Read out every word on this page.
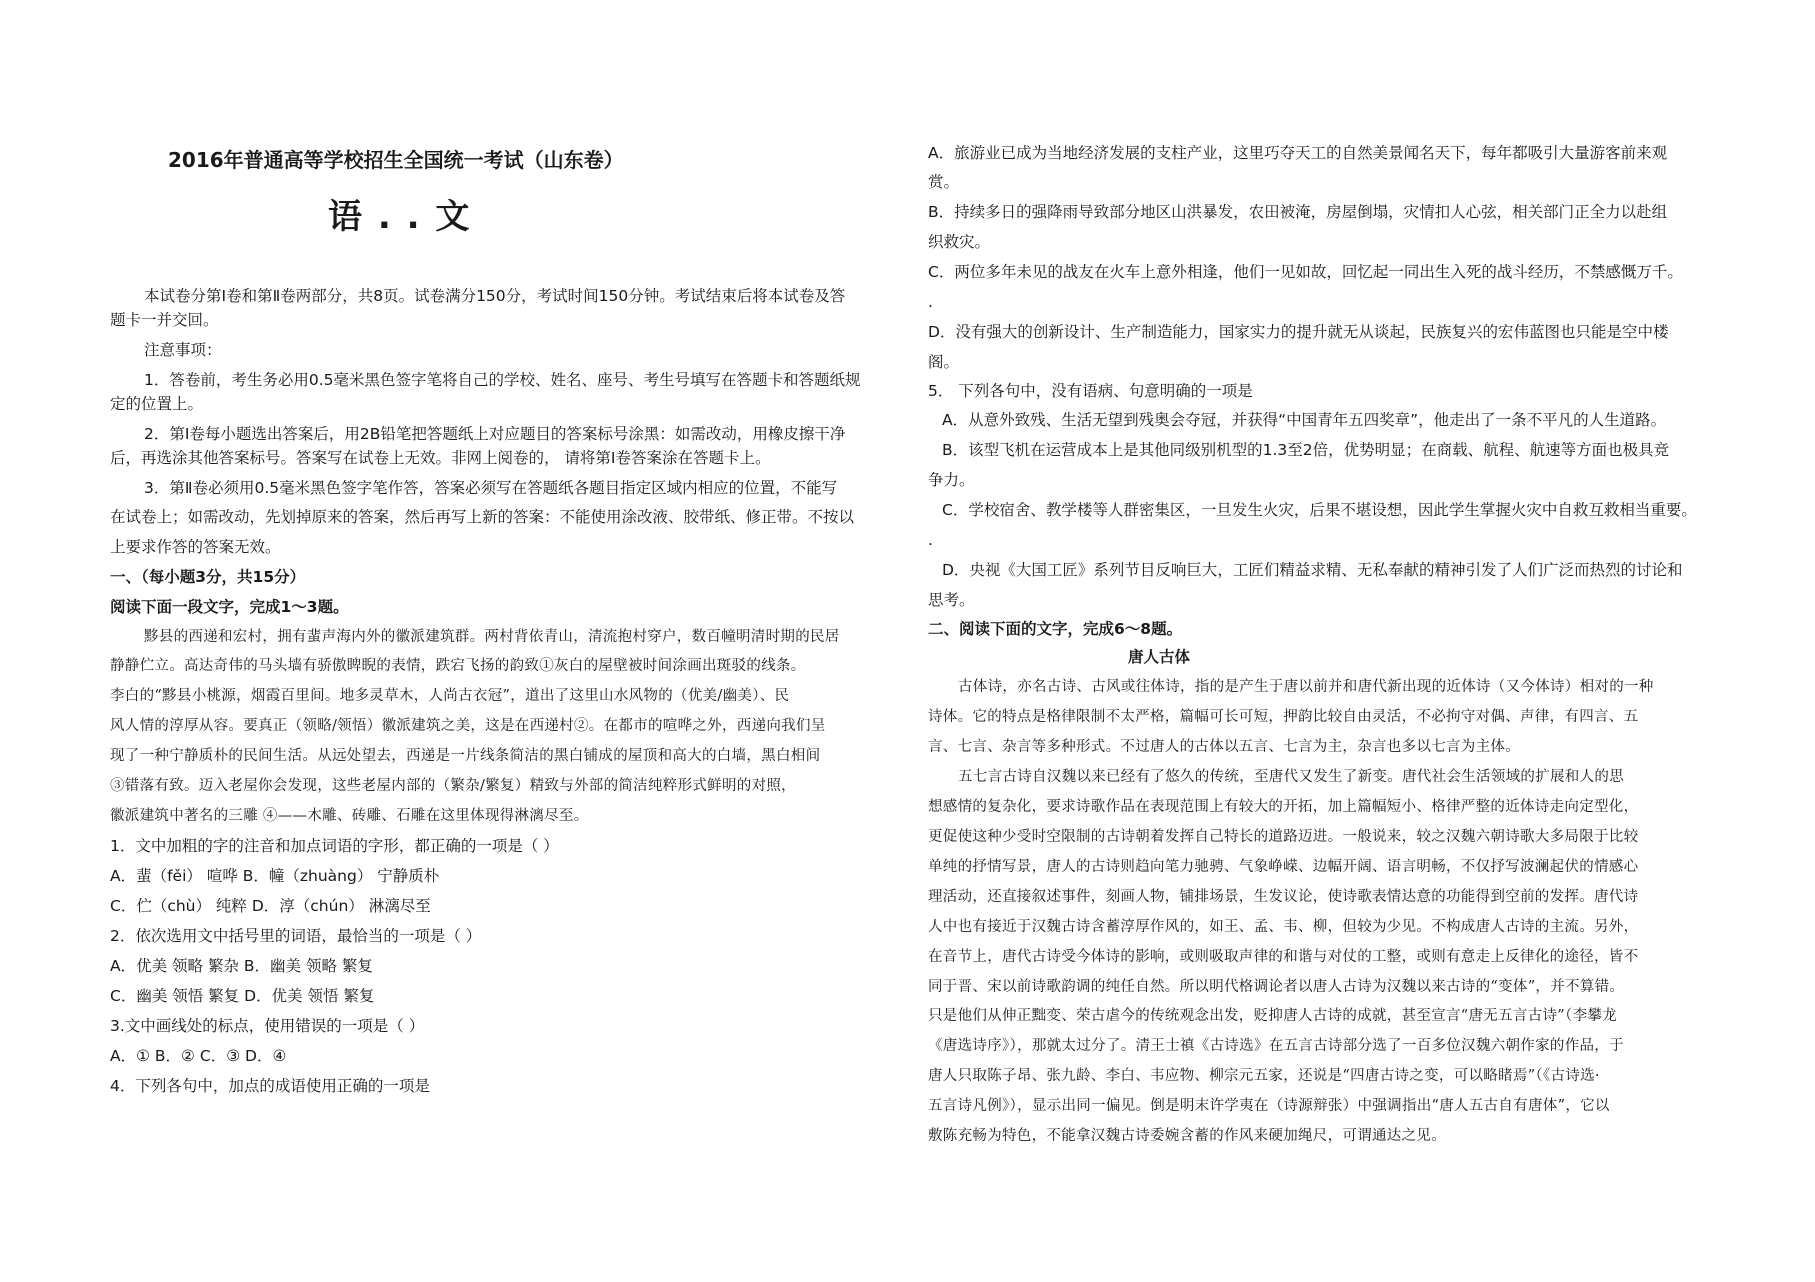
2016年普通高等学校招生全国统一考试（山东卷）
语 . . 文
本试卷分第Ⅰ卷和第Ⅱ卷两部分，共8页。试卷满分150分，考试时间150分钟。考试结束后将本试卷及答
题卡一并交回。
注意事项：
1．答卷前，考生务必用0.5毫米黑色签字笔将自己的学校、姓名、座号、考生号填写在答题卡和答题纸规
定的位置上。
2．第Ⅰ卷每小题选出答案后，用2B铅笔把答题纸上对应题目的答案标号涂黑：如需改动，用橡皮擦干净
后，再选涂其他答案标号。答案写在试卷上无效。非网上阅卷的， 请将第Ⅰ卷答案涂在答题卡上。
3．第Ⅱ卷必须用0.5毫米黑色签字笔作答，答案必须写在答题纸各题目指定区域内相应的位置，不能写
在试卷上；如需改动，先划掉原来的答案，然后再写上新的答案：不能使用涂改液、胶带纸、修正带。不按以
上要求作答的答案无效。
一、（每小题3分，共15分）
阅读下面一段文字，完成1～3题。
黟县的西递和宏村，拥有蜚声海内外的徽派建筑群。两村背依青山，清流抱村穿户，数百幢明清时期的民居
静静伫立。高达奇伟的马头墙有骄傲睥睨的表情，跌宕飞扬的韵致①灰白的屋壁被时间涂画出斑驳的线条。
李白的“黟县小桃源，烟霞百里间。地多灵草木，人尚古衣冠”，道出了这里山水风物的（优美/幽美）、民
风人情的淳厚从容。要真正（领略/领悟）徽派建筑之美，这是在西递村②。在都市的喧哗之外，西递向我们呈
现了一种宁静质朴的民间生活。从远处望去，西递是一片线条简洁的黑白铺成的屋顶和高大的白墙，黑白相间
③错落有致。迈入老屋你会发现，这些老屋内部的（繁杂/繁复）精致与外部的简洁纯粹形式鲜明的对照，
徽派建筑中著名的三雕 ④——木雕、砖雕、石雕在这里体现得淋漓尽至。
1．文中加粗的字的注音和加点词语的字形，都正确的一项是（ ）
A．蜚（fěi） 喧哗 B．幢（zhuàng） 宁静质朴
C．伫（chù） 纯粹 D．淳（chún） 淋漓尽至
2．依次选用文中括号里的词语，最恰当的一项是（ ）
A．优美 领略 繁杂 B．幽美 领略 繁复
C．幽美 领悟 繁复 D．优美 领悟 繁复
3.文中画线处的标点，使用错误的一项是（ ）
A．① B．② C．③ D．④
4．下列各句中，加点的成语使用正确的一项是
A．旅游业已成为当地经济发展的支柱产业，这里巧夺天工的自然美景闻名天下，每年都吸引大量游客前来观
赏。
B．持续多日的强降雨导致部分地区山洪暴发，农田被淹，房屋倒塌，灾情扣人心弦，相关部门正全力以赴组
织救灾。
C．两位多年未见的战友在火车上意外相逢，他们一见如故，回忆起一同出生入死的战斗经历，不禁感慨万千。
.
D．没有强大的创新设计、生产制造能力，国家实力的提升就无从谈起，民族复兴的宏伟蓝图也只能是空中楼
阁。
5． 下列各句中，没有语病、句意明确的一项是
A．从意外致残、生活无望到残奥会夺冠，并获得“中国青年五四奖章”，他走出了一条不平凡的人生道路。
B．该型飞机在运营成本上是其他同级别机型的1.3至2倍，优势明显；在商载、航程、航速等方面也极具竞
争力。
C．学校宿舍、教学楼等人群密集区，一旦发生火灾，后果不堪设想，因此学生掌握火灾中自救互救相当重要。
.
D．央视《大国工匠》系列节目反响巨大，工匠们精益求精、无私奉献的精神引发了人们广泛而热烈的讨论和
思考。
二、阅读下面的文字，完成6～8题。
唐人古体
古体诗，亦名古诗、古风或往体诗，指的是产生于唐以前并和唐代新出现的近体诗（又今体诗）相对的一种
诗体。它的特点是格律限制不太严格，篇幅可长可短，押韵比较自由灵活，不必拘守对偶、声律，有四言、五
言、七言、杂言等多种形式。不过唐人的古体以五言、七言为主，杂言也多以七言为主体。
五七言古诗自汉魏以来已经有了悠久的传统，至唐代又发生了新变。唐代社会生活领域的扩展和人的思
想感情的复杂化，要求诗歌作品在表现范围上有较大的开拓，加上篇幅短小、格律严整的近体诗走向定型化，
更促使这种少受时空限制的古诗朝着发挥自己特长的道路迈进。一般说来，较之汉魏六朝诗歌大多局限于比较
单纯的抒情写景，唐人的古诗则趋向笔力驰骋、气象峥嵘、边幅开阔、语言明畅，不仅抒写波澜起伏的情感心
理活动，还直接叙述事件，刻画人物，铺排场景，生发议论，使诗歌表情达意的功能得到空前的发挥。唐代诗
人中也有接近于汉魏古诗含蓄淳厚作风的，如王、孟、韦、柳，但较为少见。不构成唐人古诗的主流。另外，
在音节上，唐代古诗受今体诗的影响，或则吸取声律的和谐与对仗的工整，或则有意走上反律化的途径，皆不
同于晋、宋以前诗歌韵调的纯任自然。所以明代格调论者以唐人古诗为汉魏以来古诗的“变体”，并不算错。
只是他们从伸正黜变、荣古虐今的传统观念出发，贬抑唐人古诗的成就，甚至宣言“唐无五言古诗”（李攀龙
《唐选诗序》），那就太过分了。清王士禛《古诗选》在五言古诗部分选了一百多位汉魏六朝作家的作品，于
唐人只取陈子昂、张九龄、李白、韦应物、柳宗元五家，还说是“四唐古诗之变，可以略睹焉”（《古诗选·
五言诗凡例》），显示出同一偏见。倒是明末许学夷在（诗源辩张）中强调指出“唐人五古自有唐体”，它以
敷陈充畅为特色，不能拿汉魏古诗委婉含蓄的作风来硬加绳尺，可谓通达之见。
